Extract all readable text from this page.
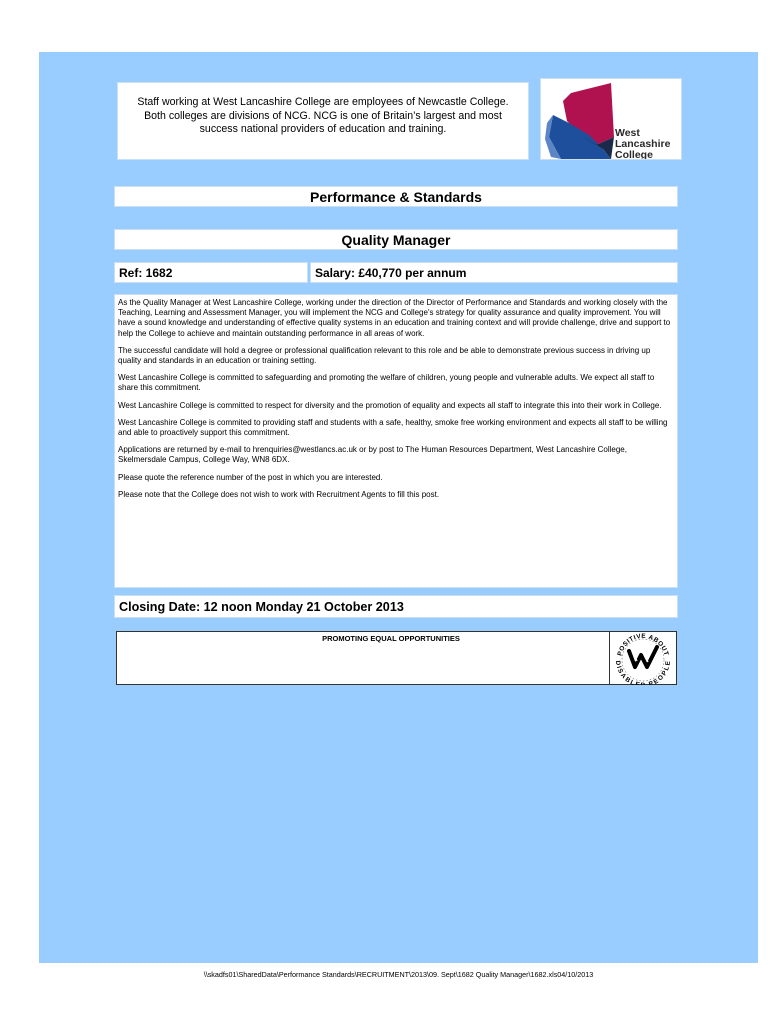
Staff working at West Lancashire College are employees of Newcastle College.
Both colleges are divisions of NCG. NCG is one of Britain’s largest and most
success national providers of education and training.	West
Lancashire
College
Performance & Standards
Quality Manager
Ref: 1682	Salary: £40,770 per annum

As the Quality Manager at West Lancashire College, working under the direction of the Director of Performance and Standards and working closely with the Teaching, Learning and Assessment Manager, you will implement the NCG and College's strategy for quality assurance and quality improvement. You will have a sound knowledge and understanding of effective quality systems in an education and training context and will provide challenge, drive and support to help the College to achieve and maintain outstanding performance in all areas of work.

The successful candidate will hold a degree or professional qualification relevant to this role and be able to demonstrate previous success in driving up quality and standards in an education or training setting.

West Lancashire College is committed to safeguarding and promoting the welfare of children, young people and vulnerable adults. We expect all staff to share this commitment.

West Lancashire College is committed to respect for diversity and the promotion of equality and expects all staff to integrate this into their work in College.

West Lancashire College is commited to providing staff and students with a safe, healthy, smoke free working environment and expects all staff to be willing and able to proactively support this commitment.

Applications are returned by e-mail to hrenquiries@westlancs.ac.uk or by post to The Human Resources Department, West Lancashire College, Skelmersdale Campus, College Way, WN8 6DX.

Please quote the reference number of the post in which you are interested.

Please note that the College does not wish to work with Recruitment Agents to fill this post.

Closing Date: 12 noon Monday 21 October 2013
PROMOTING EQUAL OPPORTUNITIES
POSITIVE ABOUT
DISABLE PEOPLE
\\skadfs01\SharedData\Performance Standards\RECRUITMENT\2013\09. Sept\1682 Quality Manager\1682.xls04/10/2013
